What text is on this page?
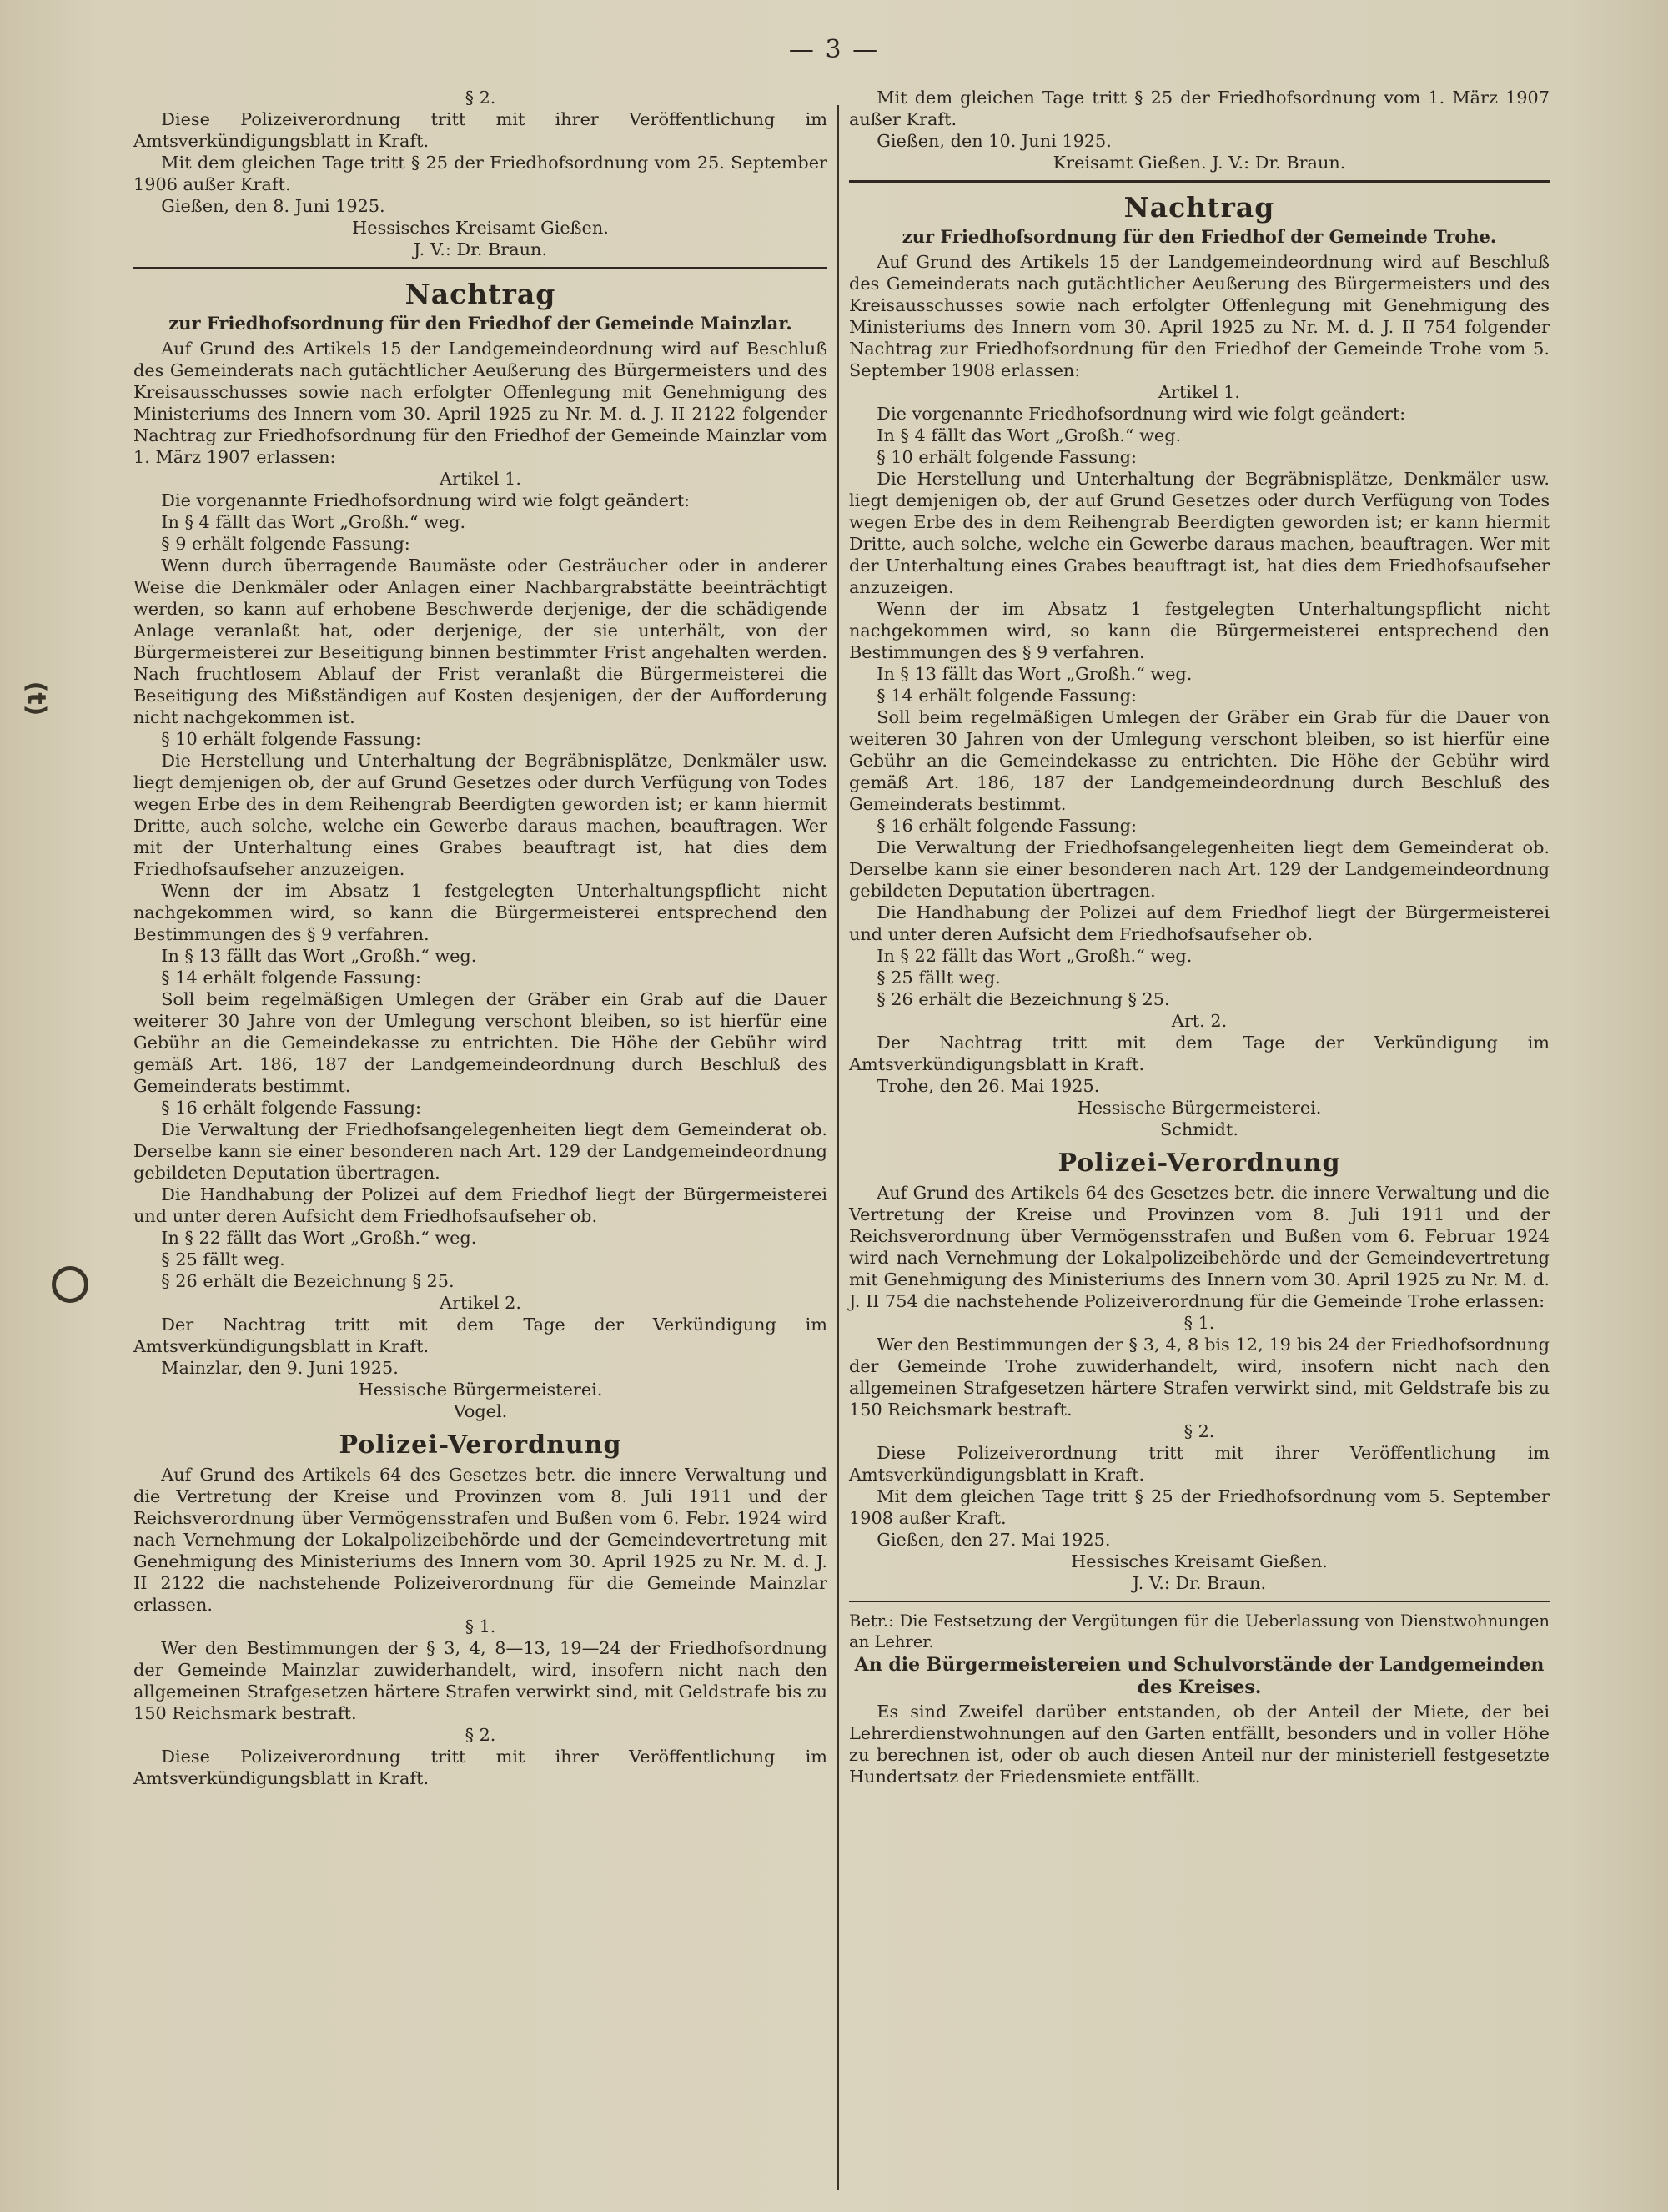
— 3 —
(t)

§ 2.

Diese Polizeiverordnung tritt mit ihrer Veröffentlichung im Amtsverkündigungsblatt in Kraft.

Mit dem gleichen Tage tritt § 25 der Friedhofsordnung vom 25. September 1906 außer Kraft.

Gießen, den 8. Juni 1925.

Hessisches Kreisamt Gießen.

J. V.: Dr. Braun.

Nachtrag
zur Friedhofsordnung für den Friedhof der Gemeinde Mainzlar.

Auf Grund des Artikels 15 der Landgemeindeordnung wird auf Beschluß des Gemeinderats nach gutächtlicher Aeußerung des Bürgermeisters und des Kreisausschusses sowie nach erfolgter Offenlegung mit Genehmigung des Ministeriums des Innern vom 30. April 1925 zu Nr. M. d. J. II 2122 folgender Nachtrag zur Friedhofsordnung für den Friedhof der Gemeinde Mainzlar vom 1. März 1907 erlassen:

Artikel 1.

Die vorgenannte Friedhofsordnung wird wie folgt geändert:

In § 4 fällt das Wort „Großh.“ weg.

§ 9 erhält folgende Fassung:

Wenn durch überragende Baumäste oder Gesträucher oder in anderer Weise die Denkmäler oder Anlagen einer Nachbargrabstätte beeinträchtigt werden, so kann auf erhobene Beschwerde derjenige, der die schädigende Anlage veranlaßt hat, oder derjenige, der sie unterhält, von der Bürgermeisterei zur Beseitigung binnen bestimmter Frist angehalten werden. Nach fruchtlosem Ablauf der Frist veranlaßt die Bürgermeisterei die Beseitigung des Mißständigen auf Kosten desjenigen, der der Aufforderung nicht nachgekommen ist.

§ 10 erhält folgende Fassung:

Die Herstellung und Unterhaltung der Begräbnisplätze, Denkmäler usw. liegt demjenigen ob, der auf Grund Gesetzes oder durch Verfügung von Todes wegen Erbe des in dem Reihengrab Beerdigten geworden ist; er kann hiermit Dritte, auch solche, welche ein Gewerbe daraus machen, beauftragen. Wer mit der Unterhaltung eines Grabes beauftragt ist, hat dies dem Friedhofsaufseher anzuzeigen.

Wenn der im Absatz 1 festgelegten Unterhaltungspflicht nicht nachgekommen wird, so kann die Bürgermeisterei entsprechend den Bestimmungen des § 9 verfahren.

In § 13 fällt das Wort „Großh.“ weg.

§ 14 erhält folgende Fassung:

Soll beim regelmäßigen Umlegen der Gräber ein Grab auf die Dauer weiterer 30 Jahre von der Umlegung verschont bleiben, so ist hierfür eine Gebühr an die Gemeindekasse zu entrichten. Die Höhe der Gebühr wird gemäß Art. 186, 187 der Landgemeindeordnung durch Beschluß des Gemeinderats bestimmt.

§ 16 erhält folgende Fassung:

Die Verwaltung der Friedhofsangelegenheiten liegt dem Gemeinderat ob. Derselbe kann sie einer besonderen nach Art. 129 der Landgemeindeordnung gebildeten Deputation übertragen.

Die Handhabung der Polizei auf dem Friedhof liegt der Bürgermeisterei und unter deren Aufsicht dem Friedhofsaufseher ob.

In § 22 fällt das Wort „Großh.“ weg.

§ 25 fällt weg.

§ 26 erhält die Bezeichnung § 25.

Artikel 2.

Der Nachtrag tritt mit dem Tage der Verkündigung im Amtsverkündigungsblatt in Kraft.

Mainzlar, den 9. Juni 1925.

Hessische Bürgermeisterei.

Vogel.

Polizei-Verordnung

Auf Grund des Artikels 64 des Gesetzes betr. die innere Verwaltung und die Vertretung der Kreise und Provinzen vom 8. Juli 1911 und der Reichsverordnung über Vermögensstrafen und Bußen vom 6. Febr. 1924 wird nach Vernehmung der Lokalpolizeibehörde und der Gemeindevertretung mit Genehmigung des Ministeriums des Innern vom 30. April 1925 zu Nr. M. d. J. II 2122 die nachstehende Polizeiverordnung für die Gemeinde Mainzlar erlassen.

§ 1.

Wer den Bestimmungen der § 3, 4, 8—13, 19—24 der Friedhofsordnung der Gemeinde Mainzlar zuwiderhandelt, wird, insofern nicht nach den allgemeinen Strafgesetzen härtere Strafen verwirkt sind, mit Geldstrafe bis zu 150 Reichsmark bestraft.

§ 2.

Diese Polizeiverordnung tritt mit ihrer Veröffentlichung im Amtsverkündigungsblatt in Kraft.

Mit dem gleichen Tage tritt § 25 der Friedhofsordnung vom 1. März 1907 außer Kraft.

Gießen, den 10. Juni 1925.

Kreisamt Gießen. J. V.: Dr. Braun.

Nachtrag
zur Friedhofsordnung für den Friedhof der Gemeinde Trohe.

Auf Grund des Artikels 15 der Landgemeindeordnung wird auf Beschluß des Gemeinderats nach gutächtlicher Aeußerung des Bürgermeisters und des Kreisausschusses sowie nach erfolgter Offenlegung mit Genehmigung des Ministeriums des Innern vom 30. April 1925 zu Nr. M. d. J. II 754 folgender Nachtrag zur Friedhofsordnung für den Friedhof der Gemeinde Trohe vom 5. September 1908 erlassen:

Artikel 1.

Die vorgenannte Friedhofsordnung wird wie folgt geändert:

In § 4 fällt das Wort „Großh.“ weg.

§ 10 erhält folgende Fassung:

Die Herstellung und Unterhaltung der Begräbnisplätze, Denkmäler usw. liegt demjenigen ob, der auf Grund Gesetzes oder durch Verfügung von Todes wegen Erbe des in dem Reihengrab Beerdigten geworden ist; er kann hiermit Dritte, auch solche, welche ein Gewerbe daraus machen, beauftragen. Wer mit der Unterhaltung eines Grabes beauftragt ist, hat dies dem Friedhofsaufseher anzuzeigen.

Wenn der im Absatz 1 festgelegten Unterhaltungspflicht nicht nachgekommen wird, so kann die Bürgermeisterei entsprechend den Bestimmungen des § 9 verfahren.

In § 13 fällt das Wort „Großh.“ weg.

§ 14 erhält folgende Fassung:

Soll beim regelmäßigen Umlegen der Gräber ein Grab für die Dauer von weiteren 30 Jahren von der Umlegung verschont bleiben, so ist hierfür eine Gebühr an die Gemeindekasse zu entrichten. Die Höhe der Gebühr wird gemäß Art. 186, 187 der Landgemeindeordnung durch Beschluß des Gemeinderats bestimmt.

§ 16 erhält folgende Fassung:

Die Verwaltung der Friedhofsangelegenheiten liegt dem Gemeinderat ob. Derselbe kann sie einer besonderen nach Art. 129 der Landgemeindeordnung gebildeten Deputation übertragen.

Die Handhabung der Polizei auf dem Friedhof liegt der Bürgermeisterei und unter deren Aufsicht dem Friedhofsaufseher ob.

In § 22 fällt das Wort „Großh.“ weg.

§ 25 fällt weg.

§ 26 erhält die Bezeichnung § 25.

Art. 2.

Der Nachtrag tritt mit dem Tage der Verkündigung im Amtsverkündigungsblatt in Kraft.

Trohe, den 26. Mai 1925.

Hessische Bürgermeisterei.

Schmidt.

Polizei-Verordnung

Auf Grund des Artikels 64 des Gesetzes betr. die innere Verwaltung und die Vertretung der Kreise und Provinzen vom 8. Juli 1911 und der Reichsverordnung über Vermögensstrafen und Bußen vom 6. Februar 1924 wird nach Vernehmung der Lokalpolizeibehörde und der Gemeindevertretung mit Genehmigung des Ministeriums des Innern vom 30. April 1925 zu Nr. M. d. J. II 754 die nachstehende Polizeiverordnung für die Gemeinde Trohe erlassen:

§ 1.

Wer den Bestimmungen der § 3, 4, 8 bis 12, 19 bis 24 der Friedhofsordnung der Gemeinde Trohe zuwiderhandelt, wird, insofern nicht nach den allgemeinen Strafgesetzen härtere Strafen verwirkt sind, mit Geldstrafe bis zu 150 Reichsmark bestraft.

§ 2.

Diese Polizeiverordnung tritt mit ihrer Veröffentlichung im Amtsverkündigungsblatt in Kraft.

Mit dem gleichen Tage tritt § 25 der Friedhofsordnung vom 5. September 1908 außer Kraft.

Gießen, den 27. Mai 1925.

Hessisches Kreisamt Gießen.

J. V.: Dr. Braun.

Betr.: Die Festsetzung der Vergütungen für die Ueberlassung von Dienstwohnungen an Lehrer.

An die Bürgermeistereien und Schulvorstände der Landgemeinden des Kreises.

Es sind Zweifel darüber entstanden, ob der Anteil der Miete, der bei Lehrerdienstwohnungen auf den Garten entfällt, besonders und in voller Höhe zu berechnen ist, oder ob auch diesen Anteil nur der ministeriell festgesetzte Hundertsatz der Friedensmiete entfällt.
